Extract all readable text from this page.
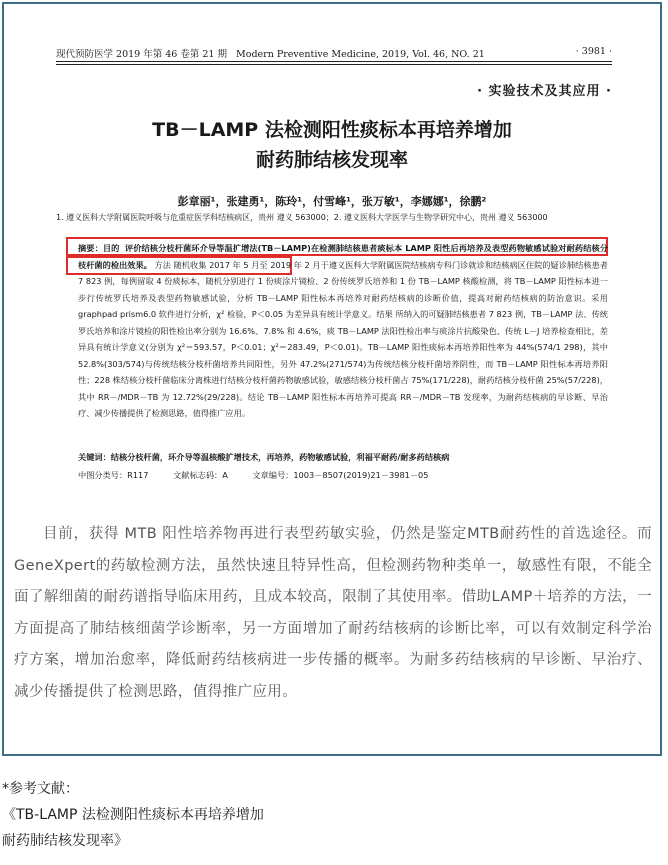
现代预防医学 2019 年第 46 卷第 21 期 Modern Preventive Medicine, 2019, Vol. 46, NO. 21	· 3981 ·
· 实验技术及其应用 ·
TB－LAMP 法检测阳性痰标本再培养增加
耐药肺结核发现率
彭章丽¹，张建勇¹，陈玲¹，付雪峰¹，张万敏¹，李娜娜¹，徐鹏²
1. 遵义医科大学附属医院呼吸与危重症医学科结核病区，贵州 遵义 563000；2. 遵义医科大学医学与生物学研究中心，贵州 遵义 563000
摘要：目的 评价结核分枝杆菌环介导等温扩增法(TB－LAMP)在检测肺结核患者痰标本 LAMP 阳性后再培养及表型药物敏感试验对耐药结核分枝杆菌的检出效果。 方法 随机收集 2017 年 5 月至 2019 年 2 月于遵义医科大学附属医院结核病专科门诊就诊和结核病区住院的疑诊肺结核患者 7 823 例，每例留取 4 份痰标本，随机分别进行 1 份痰涂片镜检、2 份传统罗氏培养和 1 份 TB－LAMP 核酸检测，将 TB－LAMP 阳性标本进一步行传统罗氏培养及表型药物敏感试验，分析 TB－LAMP 阳性标本再培养对耐药结核病的诊断价值，提高对耐药结核病的防治意识。采用 graphpad prism6.0 软件进行分析，χ² 检验，P＜0.05 为差异具有统计学意义。结果 所纳入的可疑肺结核患者 7 823 例，TB－LAMP 法、传统罗氏培养和涂片镜检的阳性检出率分别为 16.6%、7.8% 和 4.6%，痰 TB－LAMP 法阳性检出率与痰涂片抗酸染色、传统 L－J 培养检查相比，差异具有统计学意义(分别为 χ²＝593.57，P＜0.01；χ²＝283.49，P＜0.01)。TB－LAMP 阳性痰标本再培养阳性率为 44%(574/1 298)，其中 52.8%(303/574)与传统结核分枝杆菌培养共同阳性，另外 47.2%(271/574)为传统结核分枝杆菌培养阴性，而 TB－LAMP 阳性标本再培养阳性；228 株结核分枝杆菌临床分离株进行结核分枝杆菌药物敏感试验，敏感结核分枝杆菌占 75%(171/228)，耐药结核分枝杆菌 25%(57/228)，其中 RR－/MDR－TB 为 12.72%(29/228)。结论 TB－LAMP 阳性标本再培养可提高 RR－/MDR－TB 发现率，为耐药结核病的早诊断、早治疗、减少传播提供了检测思路，值得推广应用。
关键词：结核分枝杆菌，环介导等温核酸扩增技术，再培养，药物敏感试验，利福平耐药/耐多药结核病
中图分类号：R117	文献标志码：A	文章编号：1003－8507(2019)21－3981－05
目前，获得 MTB 阳性培养物再进行表型药敏实验，仍然是鉴定MTB耐药性的首选途径。而GeneXpert的药敏检测方法，虽然快速且特异性高，但检测药物种类单一，敏感性有限，不能全面了解细菌的耐药谱指导临床用药，且成本较高，限制了其使用率。借助LAMP＋培养的方法，一方面提高了肺结核细菌学诊断率，另一方面增加了耐药结核病的诊断比率，可以有效制定科学治疗方案，增加治愈率，降低耐药结核病进一步传播的概率。为耐多药结核病的早诊断、早治疗、减少传播提供了检测思路，值得推广应用。
*参考文献：
《TB-LAMP 法检测阳性痰标本再培养增加
耐药肺结核发现率》
